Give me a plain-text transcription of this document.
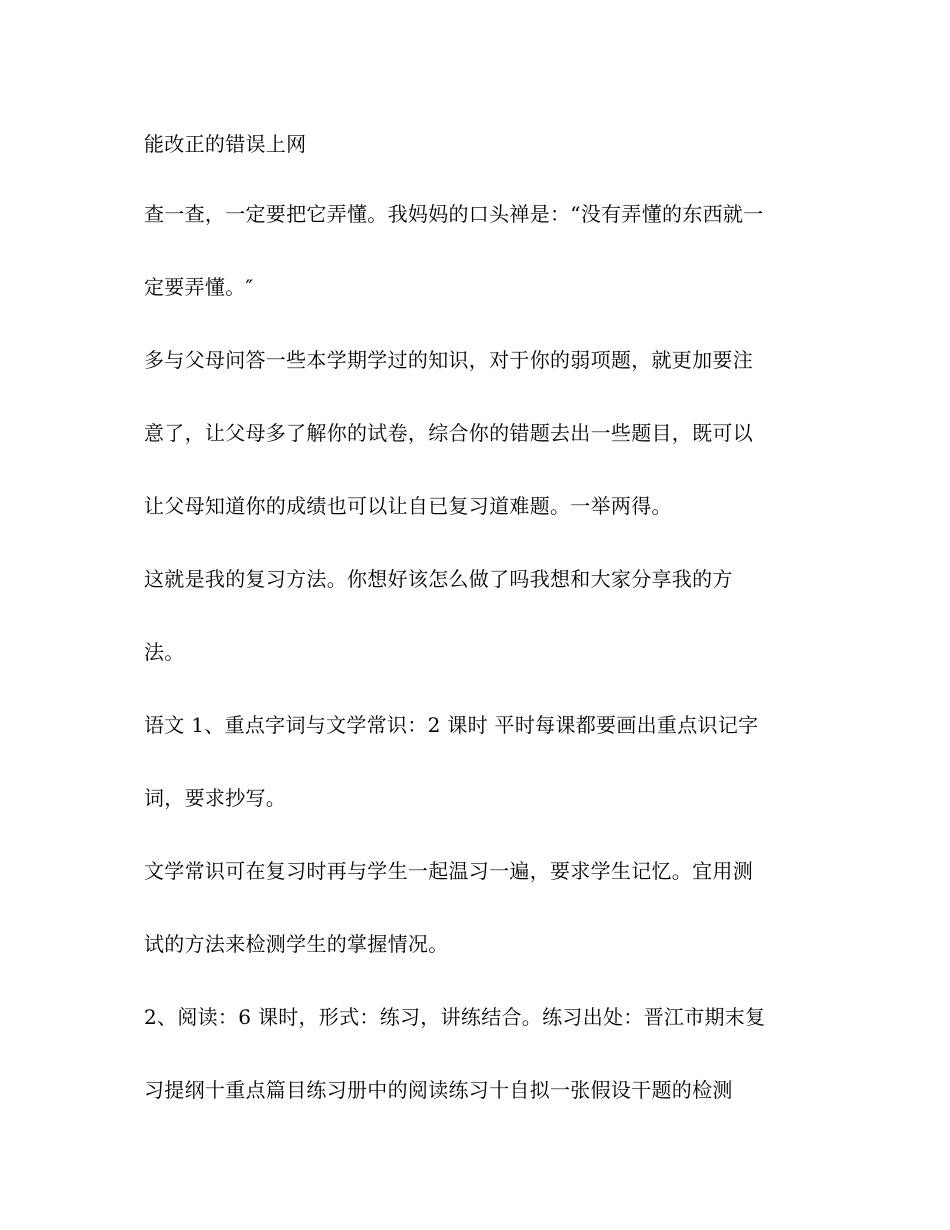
能改正的错误上网

查一查，一定要把它弄懂。我妈妈的口头禅是：“没有弄懂的东西就一

定要弄懂。″

多与父母问答一些本学期学过的知识，对于你的弱项题，就更加要注

意了，让父母多了解你的试卷，综合你的错题去出一些题目，既可以

让父母知道你的成绩也可以让自已复习道难题。一举两得。

这就是我的复习方法。你想好该怎么做了吗我想和大家分享我的方

法。

语文 1、重点字词与文学常识：2 课时 平时每课都要画出重点识记字

词，要求抄写。

文学常识可在复习时再与学生一起温习一遍，要求学生记忆。宜用测

试的方法来检测学生的掌握情况。

2、阅读：6 课时，形式：练习，讲练结合。练习出处：晋江市期末复

习提纲十重点篇目练习册中的阅读练习十自拟一张假设干题的检测
